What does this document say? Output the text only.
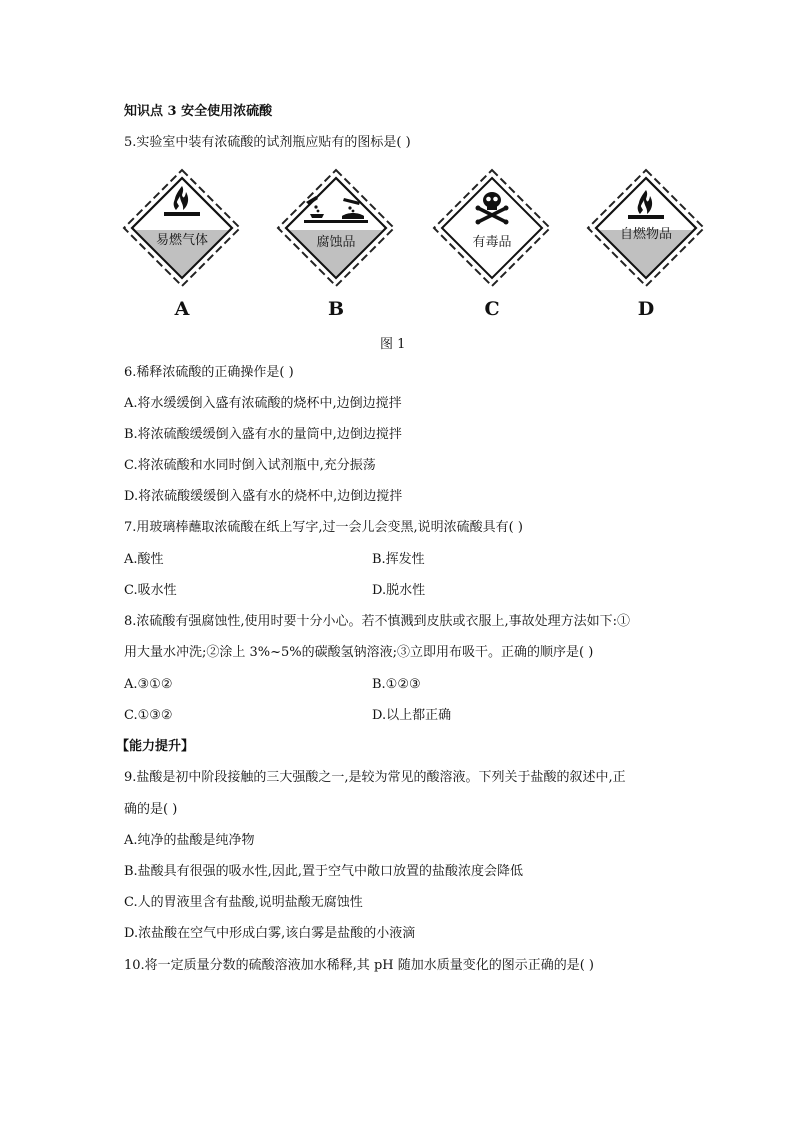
知识点 3 安全使用浓硫酸
5.实验室中装有浓硫酸的试剂瓶应贴有的图标是( )
易燃气体
A
腐蚀品
B
有毒品
C
自燃物品
D
图 1
6.稀释浓硫酸的正确操作是( )
A.将水缓缓倒入盛有浓硫酸的烧杯中,边倒边搅拌
B.将浓硫酸缓缓倒入盛有水的量筒中,边倒边搅拌
C.将浓硫酸和水同时倒入试剂瓶中,充分振荡
D.将浓硫酸缓缓倒入盛有水的烧杯中,边倒边搅拌
7.用玻璃棒蘸取浓硫酸在纸上写字,过一会儿会变黑,说明浓硫酸具有( )
A.酸性	B.挥发性
C.吸水性	D.脱水性
8.浓硫酸有强腐蚀性,使用时要十分小心。若不慎溅到皮肤或衣服上,事故处理方法如下:①
用大量水冲洗;②涂上 3%~5%的碳酸氢钠溶液;③立即用布吸干。正确的顺序是( )
A.③①②	B.①②③
C.①③②	D.以上都正确
【能力提升】
9.盐酸是初中阶段接触的三大强酸之一,是较为常见的酸溶液。下列关于盐酸的叙述中,正
确的是( )
A.纯净的盐酸是纯净物
B.盐酸具有很强的吸水性,因此,置于空气中敞口放置的盐酸浓度会降低
C.人的胃液里含有盐酸,说明盐酸无腐蚀性
D.浓盐酸在空气中形成白雾,该白雾是盐酸的小液滴
10.将一定质量分数的硫酸溶液加水稀释,其 pH 随加水质量变化的图示正确的是( )
